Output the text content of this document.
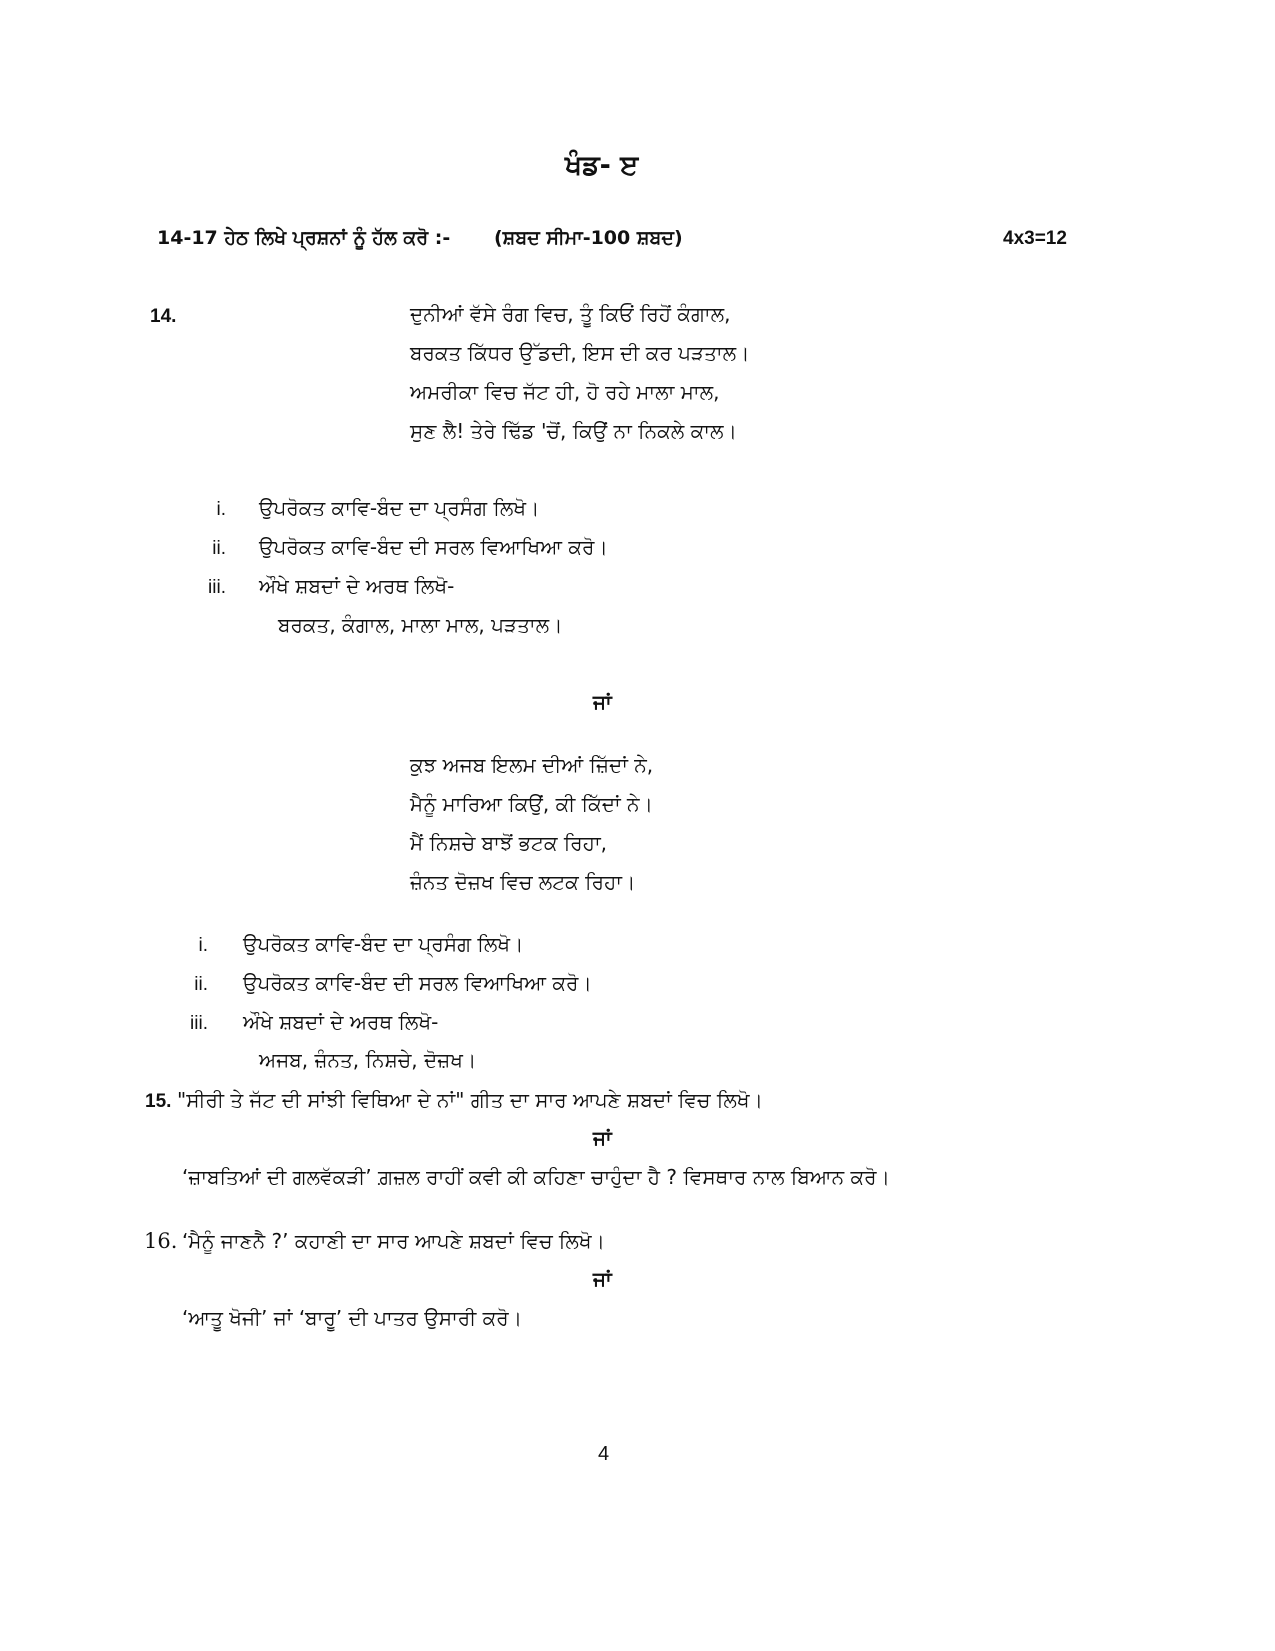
ਖੰਡ- ੲ
14-17 ਹੇਠ ਲਿਖੇ ਪ੍ਰਸ਼ਨਾਂ ਨੂੰ ਹੱਲ ਕਰੋ :- (ਸ਼ਬਦ ਸੀਮਾ-100 ਸ਼ਬਦ)	4x3=12
14.	ਦੁਨੀਆਂ ਵੱਸੇ ਰੰਗ ਵਿਚ, ਤੂੰ ਕਿਓਂ ਰਿਹੋਂ ਕੰਗਾਲ,
ਬਰਕਤ ਕਿੱਧਰ ਉੱਡਦੀ, ਇਸ ਦੀ ਕਰ ਪੜਤਾਲ।
ਅਮਰੀਕਾ ਵਿਚ ਜੱਟ ਹੀ, ਹੋ ਰਹੇ ਮਾਲਾ ਮਾਲ,
ਸੁਣ ਲੈ! ਤੇਰੇ ਢਿੱਡ 'ਚੋਂ, ਕਿਉਂ ਨਾ ਨਿਕਲੇ ਕਾਲ।
i. ਉਪਰੋਕਤ ਕਾਵਿ-ਬੰਦ ਦਾ ਪ੍ਰਸੰਗ ਲਿਖੋ।
ii. ਉਪਰੋਕਤ ਕਾਵਿ-ਬੰਦ ਦੀ ਸਰਲ ਵਿਆਖਿਆ ਕਰੋ।
iii. ਔਖੇ ਸ਼ਬਦਾਂ ਦੇ ਅਰਥ ਲਿਖੋ-
ਬਰਕਤ, ਕੰਗਾਲ, ਮਾਲਾ ਮਾਲ, ਪੜਤਾਲ।
ਜਾਂ
ਕੁਝ ਅਜਬ ਇਲਮ ਦੀਆਂ ਜ਼ਿੱਦਾਂ ਨੇ,
ਮੈਨੂੰ ਮਾਰਿਆ ਕਿਉਂ, ਕੀ ਕਿੱਦਾਂ ਨੇ।
ਮੈਂ ਨਿਸ਼ਚੇ ਬਾਝੋਂ ਭਟਕ ਰਿਹਾ,
ਜ਼ੰਨਤ ਦੋਜ਼ਖ ਵਿਚ ਲਟਕ ਰਿਹਾ।
i. ਉਪਰੋਕਤ ਕਾਵਿ-ਬੰਦ ਦਾ ਪ੍ਰਸੰਗ ਲਿਖੋ।
ii. ਉਪਰੋਕਤ ਕਾਵਿ-ਬੰਦ ਦੀ ਸਰਲ ਵਿਆਖਿਆ ਕਰੋ।
iii. ਔਖੇ ਸ਼ਬਦਾਂ ਦੇ ਅਰਥ ਲਿਖੋ-
ਅਜਬ, ਜ਼ੰਨਤ, ਨਿਸ਼ਚੇ, ਦੋਜ਼ਖ।
15. "ਸੀਰੀ ਤੇ ਜੱਟ ਦੀ ਸਾਂਝੀ ਵਿਥਿਆ ਦੇ ਨਾਂ" ਗੀਤ ਦਾ ਸਾਰ ਆਪਣੇ ਸ਼ਬਦਾਂ ਵਿਚ ਲਿਖੋ।
ਜਾਂ
‘ਜ਼ਾਬਤਿਆਂ ਦੀ ਗਲਵੱਕੜੀ’ ਗ਼ਜ਼ਲ ਰਾਹੀਂ ਕਵੀ ਕੀ ਕਹਿਣਾ ਚਾਹੁੰਦਾ ਹੈ ? ਵਿਸਥਾਰ ਨਾਲ ਬਿਆਨ ਕਰੋ।
16. ‘ਮੈਨੂੰ ਜਾਣਨੈ ?’ ਕਹਾਣੀ ਦਾ ਸਾਰ ਆਪਣੇ ਸ਼ਬਦਾਂ ਵਿਚ ਲਿਖੋ।
ਜਾਂ
‘ਆਤੂ ਖੋਜੀ’ ਜਾਂ ‘ਬਾਰੂ’ ਦੀ ਪਾਤਰ ਉਸਾਰੀ ਕਰੋ।
4
